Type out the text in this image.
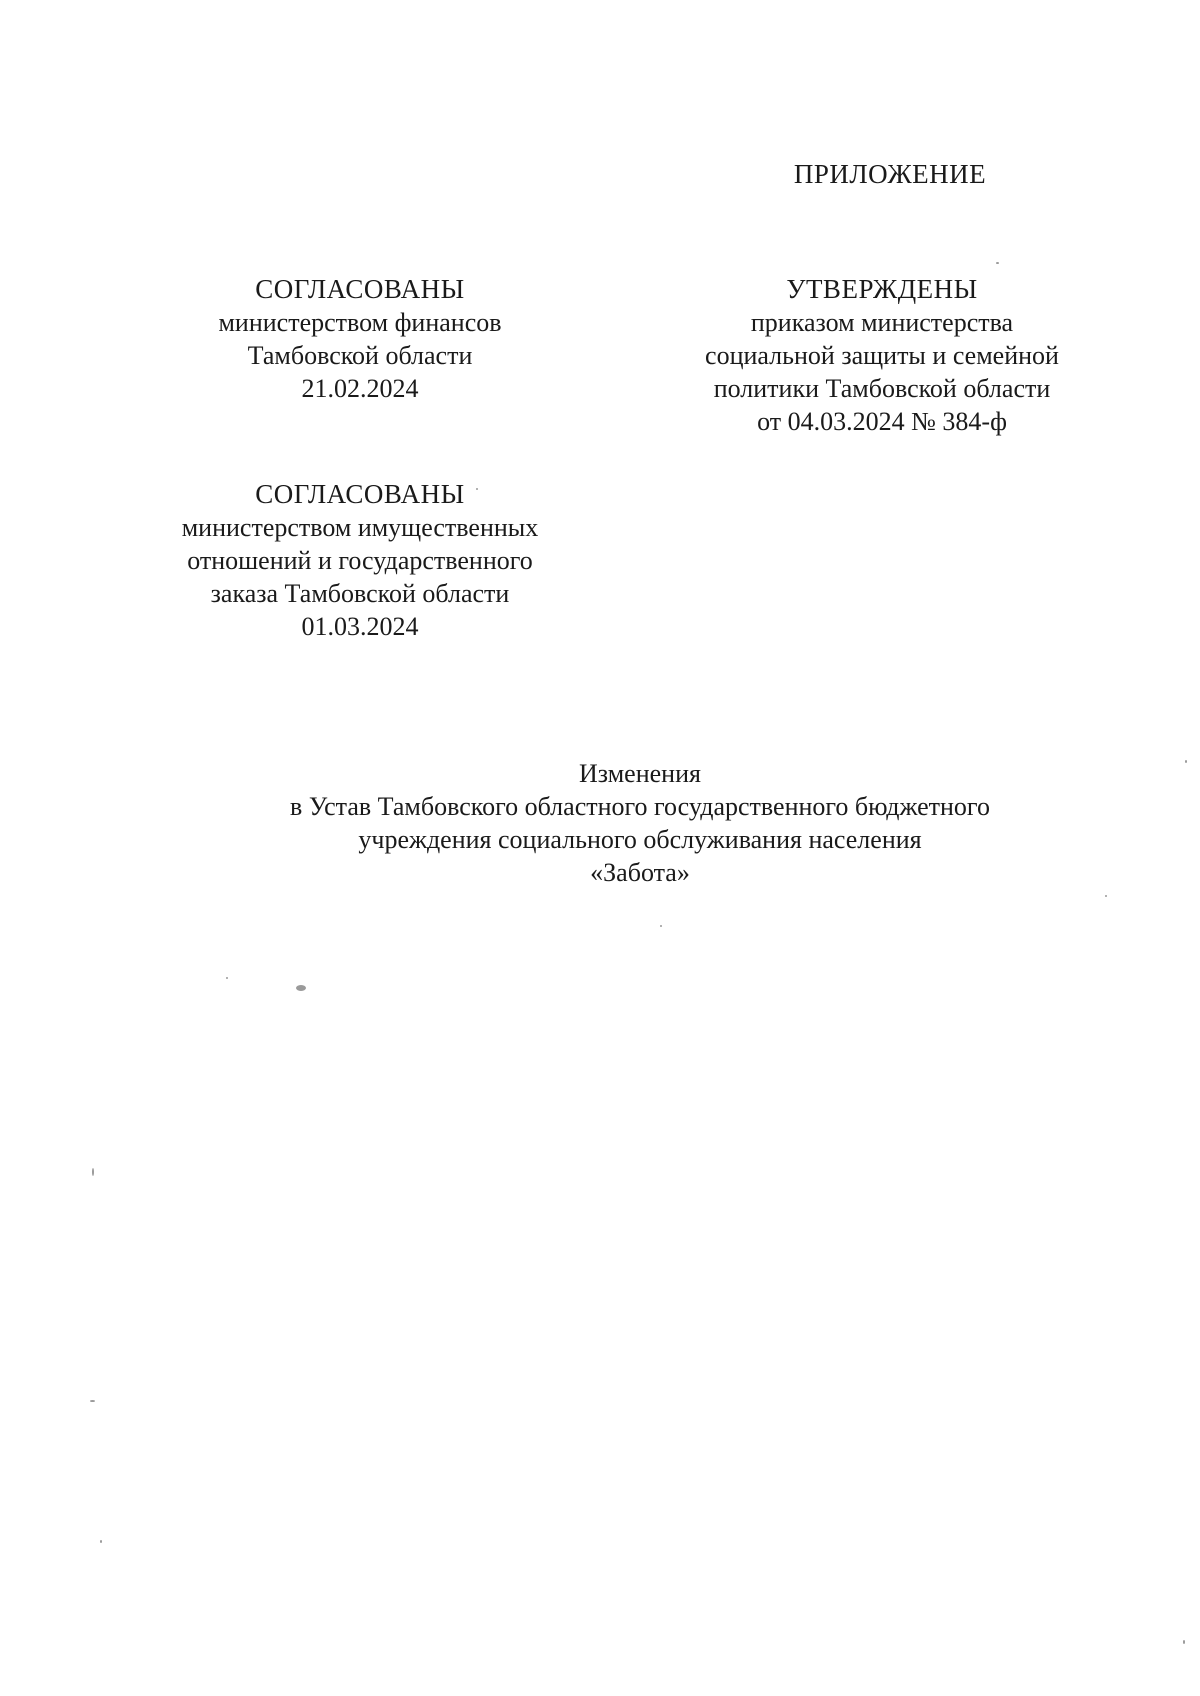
ПРИЛОЖЕНИЕ
УТВЕРЖДЕНЫ
приказом министерства
социальной защиты и семейной
политики Тамбовской области
от 04.03.2024 № 384-ф
СОГЛАСОВАНЫ
министерством финансов
Тамбовской области
21.02.2024
СОГЛАСОВАНЫ
министерством имущественных
отношений и государственного
заказа Тамбовской области
01.03.2024
Изменения
в Устав Тамбовского областного государственного бюджетного
учреждения социального обслуживания населения
«Забота»
